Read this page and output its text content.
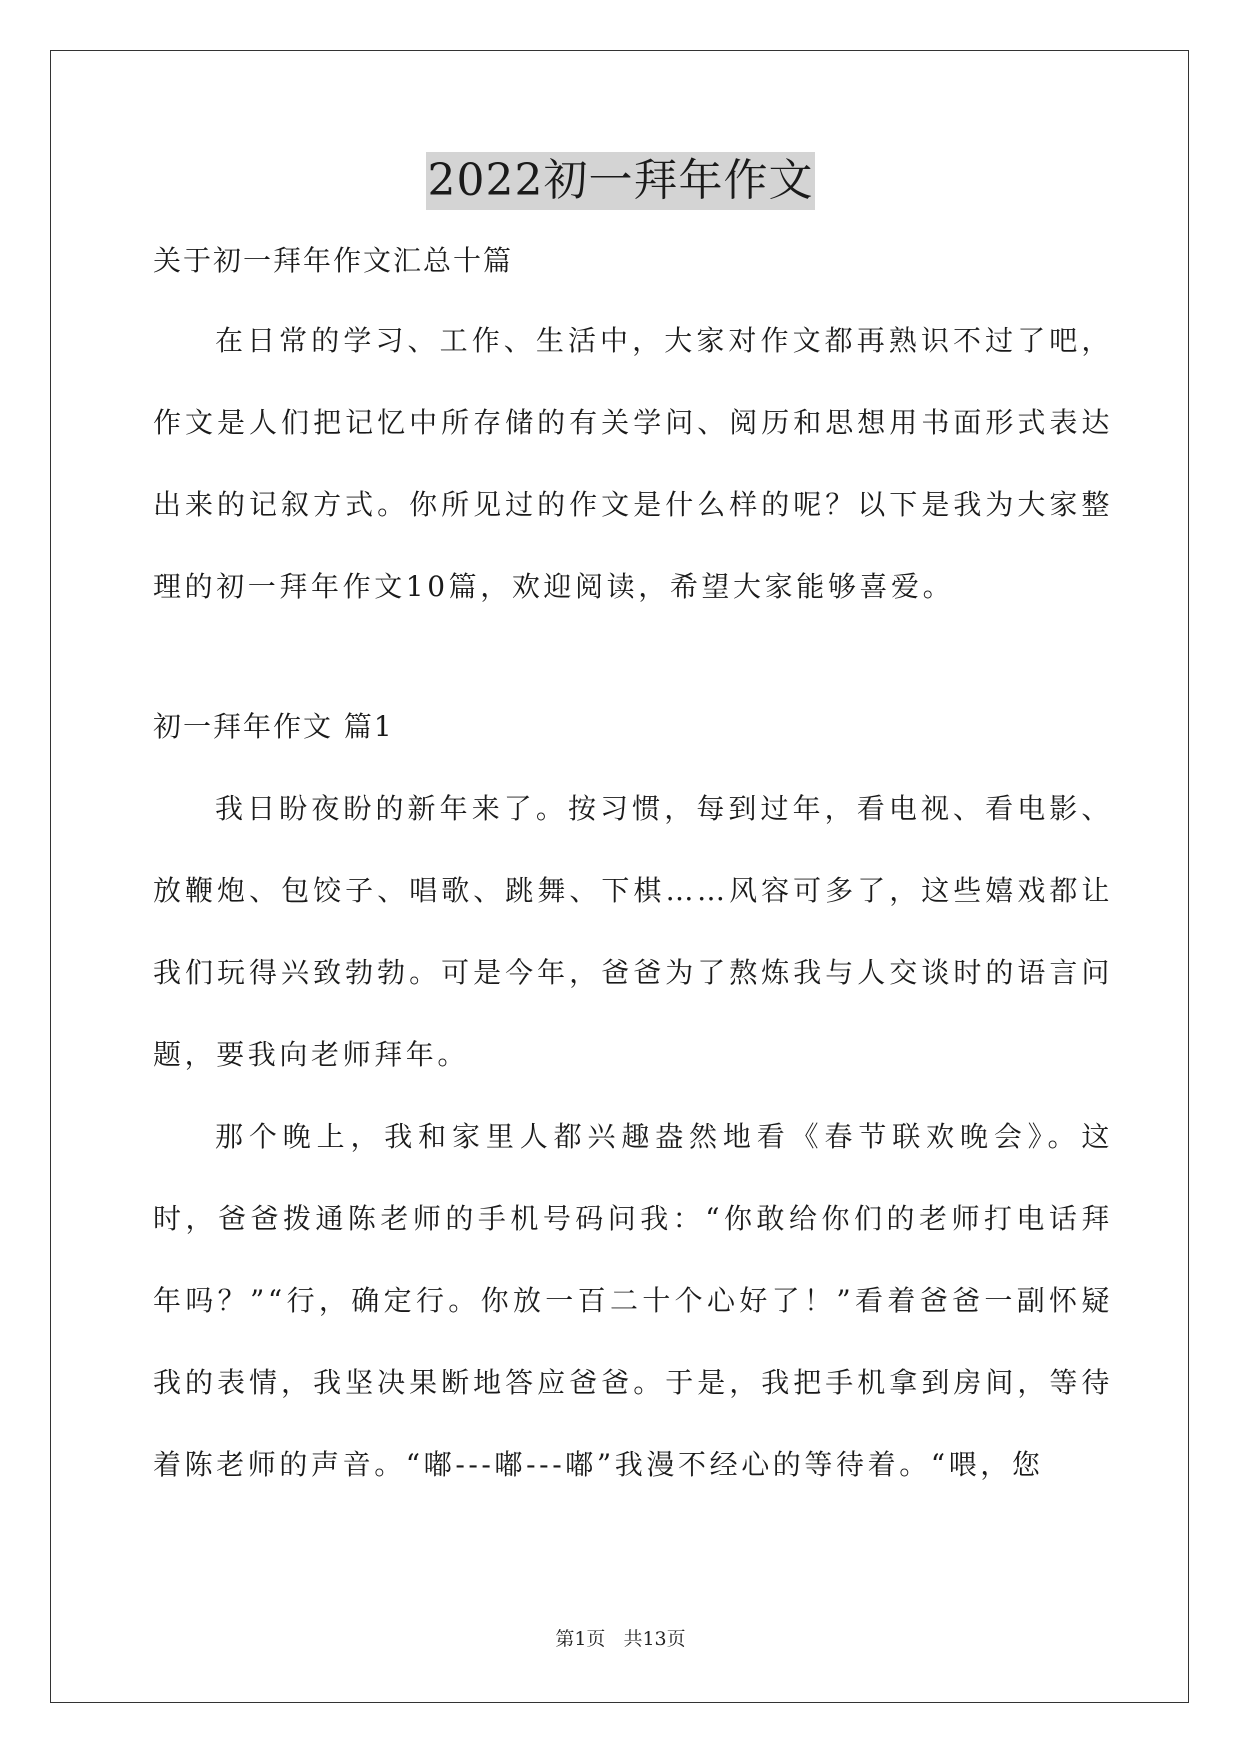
2022初一拜年作文

关于初一拜年作文汇总十篇

在日常的学习、工作、生活中，大家对作文都再熟识不过了吧，作文是人们把记忆中所存储的有关学问、阅历和思想用书面形式表达出来的记叙方式。你所见过的作文是什么样的呢？以下是我为大家整理的初一拜年作文10篇，欢迎阅读，希望大家能够喜爱。

初一拜年作文 篇1

我日盼夜盼的新年来了。按习惯，每到过年，看电视、看电影、放鞭炮、包饺子、唱歌、跳舞、下棋……风容可多了，这些嬉戏都让我们玩得兴致勃勃。可是今年，爸爸为了熬炼我与人交谈时的语言问题，要我向老师拜年。

那个晚上，我和家里人都兴趣盎然地看《春节联欢晚会》。这时，爸爸拨通陈老师的手机号码问我：“你敢给你们的老师打电话拜年吗？”“行，确定行。你放一百二十个心好了！”看着爸爸一副怀疑我的表情，我坚决果断地答应爸爸。于是，我把手机拿到房间，等待着陈老师的声音。“嘟---嘟---嘟”我漫不经心的等待着。“喂，您

第1页 共13页
